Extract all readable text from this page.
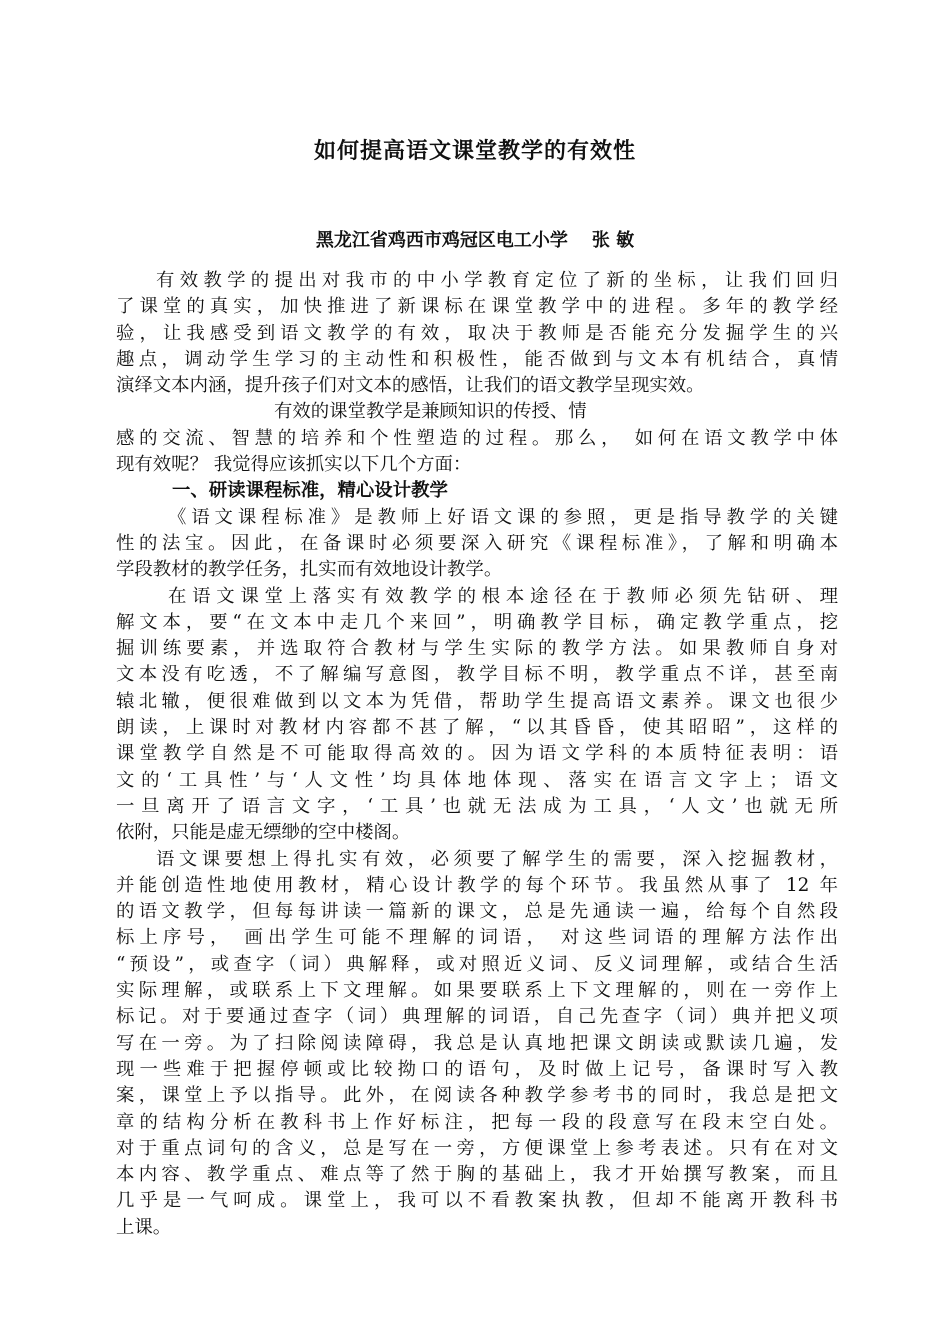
如何提高语文课堂教学的有效性
黑龙江省鸡西市鸡冠区电工小学 张 敏
有效教学的提出对我市的中小学教育定位了新的坐标，让我们回归
了课堂的真实，加快推进了新课标在课堂教学中的进程。多年的教学经
验，让我感受到语文教学的有效，取决于教师是否能充分发掘学生的兴
趣点，调动学生学习的主动性和积极性，能否做到与文本有机结合，真情
演绎文本内涵，提升孩子们对文本的感悟，让我们的语文教学呈现实效。
有效的课堂教学是兼顾知识的传授、情
感的交流、智慧的培养和个性塑造的过程。那么， 如何在语文教学中体
现有效呢？ 我觉得应该抓实以下几个方面：
一、研读课程标准，精心设计教学
《语文课程标准》是教师上好语文课的参照，更是指导教学的关键
性的法宝。因此，在备课时必须要深入研究《课程标准》，了解和明确本
学段教材的教学任务，扎实而有效地设计教学。
在语文课堂上落实有效教学的根本途径在于教师必须先钻研、理
解文本，要“在文本中走几个来回”，明确教学目标，确定教学重点，挖
掘训练要素，并选取符合教材与学生实际的教学方法。如果教师自身对
文本没有吃透，不了解编写意图，教学目标不明，教学重点不详，甚至南
辕北辙，便很难做到以文本为凭借，帮助学生提高语文素养。课文也很少
朗读，上课时对教材内容都不甚了解，“以其昏昏，使其昭昭”，这样的
课堂教学自然是不可能取得高效的。因为语文学科的本质特征表明：语
文的‘工具性’与‘人文性’均具体地体现、落实在语言文字上；语文
一旦离开了语言文字，‘工具’也就无法成为工具，‘人文’也就无所
依附，只能是虚无缥缈的空中楼阁。
语文课要想上得扎实有效，必须要了解学生的需要，深入挖掘教材，
并能创造性地使用教材，精心设计教学的每个环节。我虽然从事了 12 年
的语文教学，但每每讲读一篇新的课文，总是先通读一遍，给每个自然段
标上序号， 画出学生可能不理解的词语， 对这些词语的理解方法作出
“预设”，或查字（词）典解释，或对照近义词、反义词理解，或结合生活
实际理解，或联系上下文理解。如果要联系上下文理解的，则在一旁作上
标记。对于要通过查字（词）典理解的词语，自己先查字（词）典并把义项
写在一旁。为了扫除阅读障碍，我总是认真地把课文朗读或默读几遍，发
现一些难于把握停顿或比较拗口的语句，及时做上记号，备课时写入教
案，课堂上予以指导。此外，在阅读各种教学参考书的同时，我总是把文
章的结构分析在教科书上作好标注，把每一段的段意写在段末空白处。
对于重点词句的含义，总是写在一旁，方便课堂上参考表述。只有在对文
本内容、教学重点、难点等了然于胸的基础上，我才开始撰写教案，而且
几乎是一气呵成。课堂上，我可以不看教案执教，但却不能离开教科书
上课。
